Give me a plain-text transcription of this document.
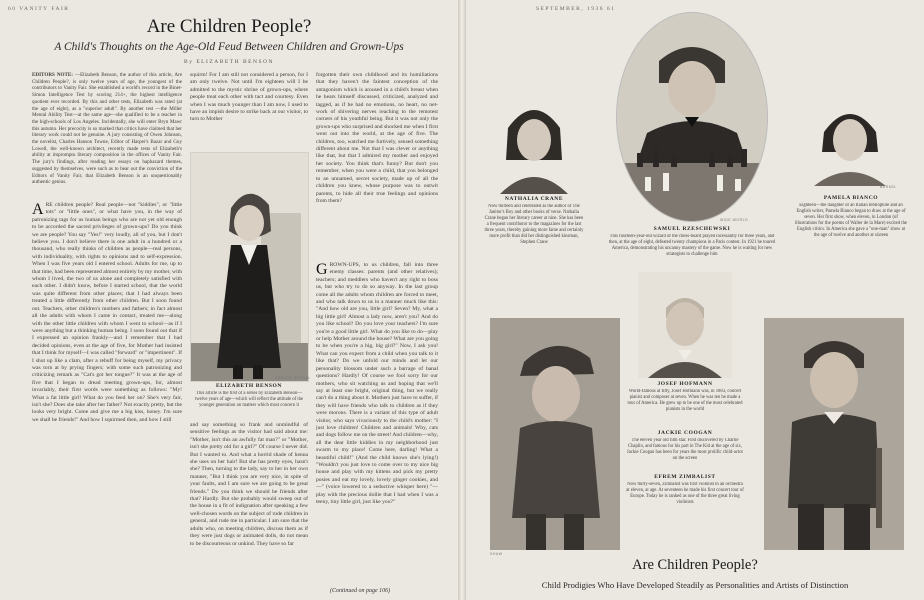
60 VANITY FAIR
Are Children People?
A Child's Thoughts on the Age-Old Feud Between Children and Grown-Ups
By ELIZABETH BENSON
EDITORS NOTE: —Elizabeth Benson, the author of this article, Are Children People?, is only twelve years of age, the youngest of the contributors to Vanity Fair. She established a world's record in the Binet-Simon Intelligence Test by scoring 214+, the highest intelligence quotient ever recorded. By this and other tests, Elizabeth was rated (at the age of eight), as a "superior adult". By another test —the Miller Mental Ability Test—at the same age—she qualified to be a teacher in the high-schools of Los Angeles. Incidentally, she will enter Bryn Mawr this autumn. Her precocity is so marked that critics have claimed that her literary work could not be genuine. A jury consisting of Owen Johnson, the novelist, Charles Hanson Towne, Editor of Harper's Bazar and Guy Lowell, the well-known architect, recently made tests of Elizabeth's ability at impromptu literary composition in the offices of Vanity Fair. The jury's findings, after reading her essays on haphazard themes, suggested by themselves, were such as to bear out the conviction of the Editors of Vanity Fair, that Elizabeth Benson is an unquestionably authentic genius.
A RE children people? Real people—not "kiddies", or "little tots" or "little ones", or what have you, in the way of patronizing tags for us human beings who are not yet old enough to be accorded the sacred privileges of grown-ups? Do you think we are people? You say "Yes!" very loudly, all of you, but I don't believe you. I don't believe there is one adult in a hundred or a thousand, who really thinks of children as people—real persons, with individuality, with rights to opinions and to self-expression. When I was five years old I entered school. Adults for me, up to that time, had been represented almost entirely by my mother, with whom I lived, the two of us alone and completely satisfied with each other. I didn't know, before I started school, that the world was quite different from other places; that I had always been treated a little differently from other children. But I soon found out. Teachers, other children's mothers and fathers; in fact almost all the adults with whom I came in contact, treated me—along with the other little children with whom I went to school—as if I were anything but a thinking human being. I soon found out that if I expressed an opinion frankly—and I remember that I had decided opinions, even at the age of five, for Mother had insisted that I think for myself—I was called "forward" or "impertinent". If I shut up like a clam, after a rebuff for being myself, my privacy was torn at by prying fingers; with some such patronizing and criticizing remark as "Cat's got her tongue?" It was at the age of five that I began to dread meeting grown-ups, for, almost invariably, their first words were something as follows: "My! What a fat little girl! What do you feed her on? She's very fair, isn't she? Does she take after her father? Not exactly pretty, but the looks very bright. Come and give me a big kiss, honey. I'm sure we shall be friends!" And how I squirmed then, and how I still
squirm! For I am still not considered a person, for I am only twelve. Not until I'm eighteen will I be admitted to the mystic shrine of grown-ups, where people treat each other with tact and courtesy. Even when I was much younger than I am now, I used to have an impish desire to strike back at our visitor, to turn to Mother
CARLOS BERNAL
ELIZABETH BENSON
This article is the first of a series by Elizabeth Benson—twelve years of age—which will reflect the attitude of the younger generation on matters which most concern it
and say something so frank and unmindful of sensitive feelings as the visitor had said about me: "Mother, isn't this an awfully fat man?" or "Mother, isn't she pretty old for a girl?" Of course I never did. But I wanted to. And what a horrid shade of henna she uses on her hair! But she has pretty eyes, hasn't she? Then, turning to the lady, say to her in her own manner, "But I think you are very nice, in spite of your faults, and I am sure we are going to be great friends." Do you think we should be friends after that? Hardly. But she probably would sweep out of the house in a fit of indignation after speaking a few well-chosen words on the subject of rude children in general, and rude me in particular. I am sure that the adults who, on meeting children, discuss them as if they were just dogs or animated dolls, do not mean to be discourteous or unkind. They have so far
forgotten their own childhood and its humiliations that they haven't the faintest conception of the antagonism which is aroused in a child's breast when he hears himself discussed, criticized, analyzed and tagged, as if he had no emotions, no heart, no net-work of shivering nerves reaching to the remotest corners of his youthful being. But it was not only the grown-ups who surprised and shocked me when I first went out into the world, at the age of five. The children, too, watched me furtively, sensed something different about me. Not that I was clever or anything like that, but that I admired my mother and enjoyed her society. You think that's funny? But don't you remember, when you were a child, that you belonged to an unnamed, secret society, made up of all the children you knew, whose purpose was to outwit parents, to hide all their true feelings and opinions from them?
G ROWN-UPS, to us children, fall into three enemy classes: parents (and other relatives); teachers; and meddlers who haven't any right to boss us, but who try to do so anyway. In the last group come all the adults whom children are forced to meet, and who talk down to us in a manner much like this: "And how old are you, little girl? Seven? My, what a big little girl! Almost a lady now, aren't you? And do you like school? Do you love your teachers? I'm sure you're a good little girl. What do you like to do—play or help Mother around the house? What are you going to be when you're a big, big girl?" Now, I ask you! What can you expect from a child when you talk to it like that? Do we unfold our minds and let our personality blossom under such a barrage of banal questions? Hardly! Of course we fool sorry for our mothers, who sit watching us and hoping that we'll say at least one bright, original thing, but we really can't do a thing about it. Mothers just have to suffer, if they will have friends who talk to children as if they were morons. There is a variant of this type of adult visitor, who says vivaciously to the child's mother: "I just love children! Children and animals! Why, cats and dogs follow me on the street! And children—why, all the dear little kiddies in my neighborhood just swarm to my place! Come here, darling! What a beautiful child!" (And the child knows she's lying!) "Wouldn't you just love to come over to my nice big house and play with my kittens and pick my pretty posies and eat my lovely, lovely ginger cookies, and—" (voice lowered to a seductive whisper here) "—play with the precious dollie that I had when I was a teeny, tiny little girl, just like you?"
(Continued on page 106)
SEPTEMBER, 1936 61
NATHALIA CRANE
Now thirteen and celebrated as the author of The Janitor's Boy and other books of verse. Nathalia Crane began her literary career at nine. She has been a frequent contributor to the magazines for the last three years, thereby gaining more fame and certainly more profit than did her distinguished kinsman, Stephen Crane
WIDE WORLD
SAMUEL RZESCHEWSKI
This fourteen-year-old wizard of the chess-board played incessantly for three years, and then, at the age of eight, defeated twenty champions in a Paris contest. In 1921 he toured America, demonstrating his uncanny mastery of the game. Now he is waiting for new strategists to challenge him
BERKEL
PAMELA BIANCO
Eighteen—the daughter of an Italian bibliophile and an English writer, Pamela Bianco began to draw at the age of seven. Her first show, when eleven, in London (of illustrations for the poems of Walter de la Mare) excited the English critics. In America she gave a "one-man" show at the age of twelve and another at sixteen
SHAW
JOSEF HOFMANN
World-famous at fifty, Josef Hofmann was, in 1883, concert pianist and composer at seven. When he was ten he made a tour of America. He grew up to be one of the most celebrated pianists in the world
JACKIE COOGAN
The eleven year old film star. First discovered by Charlie Chaplin, and famous for his part in The Kid at the age of six, Jackie Coogan has been for years the most prolific child-actor on the screen
EFREM ZIMBALIST
Now thirty-seven, Zimbalist was first violinist in an orchestra at eleven, at age. At seventeen he made his first concert tour of Europe. Today he is ranked as one of the three great living violinists
Are Children People?
Child Prodigies Who Have Developed Steadily as Personalities and Artists of Distinction
